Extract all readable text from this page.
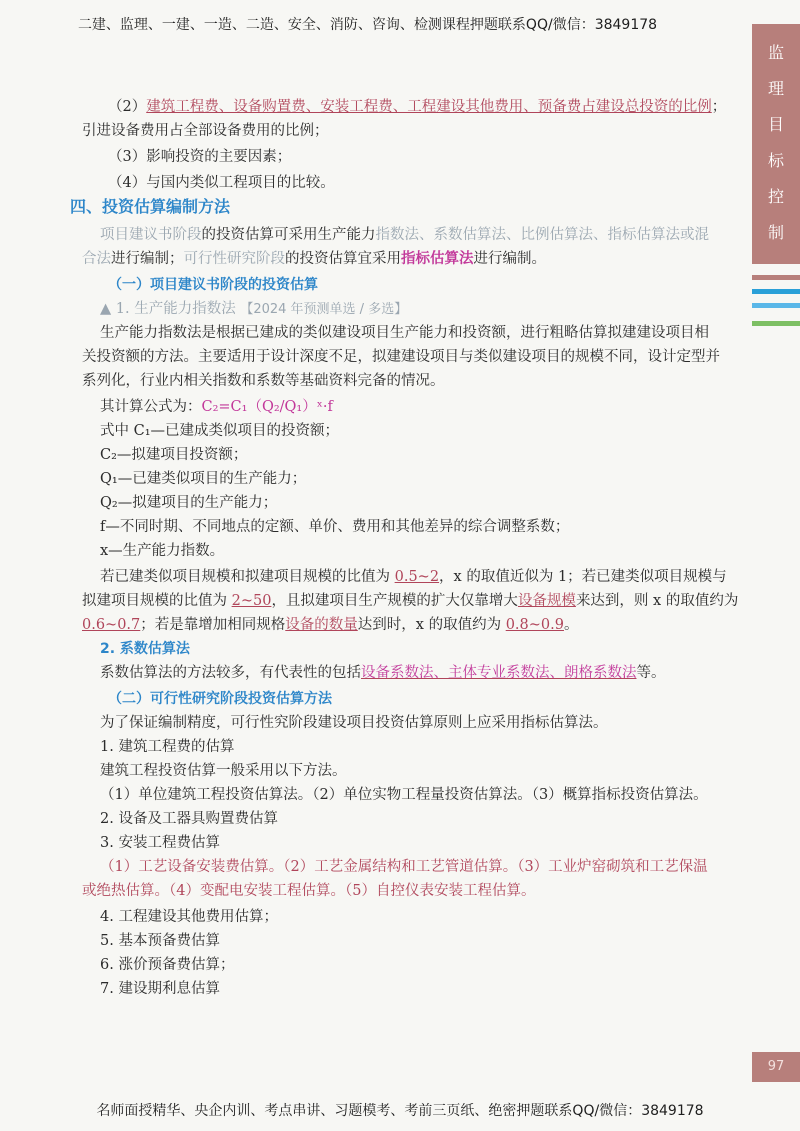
二建、监理、一建、一造、二造、安全、消防、咨询、检测课程押题联系QQ/微信：3849178
监
理
目
标
控
制
（2）建筑工程费、设备购置费、安装工程费、工程建设其他费用、预备费占建设总投资的比例；
引进设备费用占全部设备费用的比例；
（3）影响投资的主要因素；
（4）与国内类似工程项目的比较。
四、投资估算编制方法
项目建议书阶段的投资估算可采用生产能力指数法、系数估算法、比例估算法、指标估算法或混
合法进行编制；可行性研究阶段的投资估算宜采用指标估算法进行编制。
（一）项目建议书阶段的投资估算
▲ 1. 生产能力指数法 【2024 年预测单选 / 多选】
生产能力指数法是根据已建成的类似建设项目生产能力和投资额，进行粗略估算拟建建设项目相
关投资额的方法。主要适用于设计深度不足，拟建建设项目与类似建设项目的规模不同，设计定型并
系列化，行业内相关指数和系数等基础资料完备的情况。
其计算公式为：C₂=C₁（Q₂/Q₁）ˣ·f
式中 C₁—已建成类似项目的投资额；
C₂—拟建项目投资额；
Q₁—已建类似项目的生产能力；
Q₂—拟建项目的生产能力；
f—不同时期、不同地点的定额、单价、费用和其他差异的综合调整系数；
x—生产能力指数。
若已建类似项目规模和拟建项目规模的比值为 0.5~2，x 的取值近似为 1；若已建类似项目规模与
拟建项目规模的比值为 2~50，且拟建项目生产规模的扩大仅靠增大设备规模来达到，则 x 的取值约为
0.6~0.7；若是靠增加相同规格设备的数量达到时，x 的取值约为 0.8~0.9。
2. 系数估算法
系数估算法的方法较多，有代表性的包括设备系数法、主体专业系数法、朗格系数法等。
（二）可行性研究阶段投资估算方法
为了保证编制精度，可行性究阶段建设项目投资估算原则上应采用指标估算法。
1. 建筑工程费的估算
建筑工程投资估算一般采用以下方法。
（1）单位建筑工程投资估算法。（2）单位实物工程量投资估算法。（3）概算指标投资估算法。
2. 设备及工器具购置费估算
3. 安装工程费估算
（1）工艺设备安装费估算。（2）工艺金属结构和工艺管道估算。（3）工业炉窑砌筑和工艺保温
或绝热估算。（4）变配电安装工程估算。（5）自控仪表安装工程估算。
4. 工程建设其他费用估算；
5. 基本预备费估算
6. 涨价预备费估算；
7. 建设期利息估算
97
名师面授精华、央企内训、考点串讲、习题模考、考前三页纸、绝密押题联系QQ/微信：3849178
